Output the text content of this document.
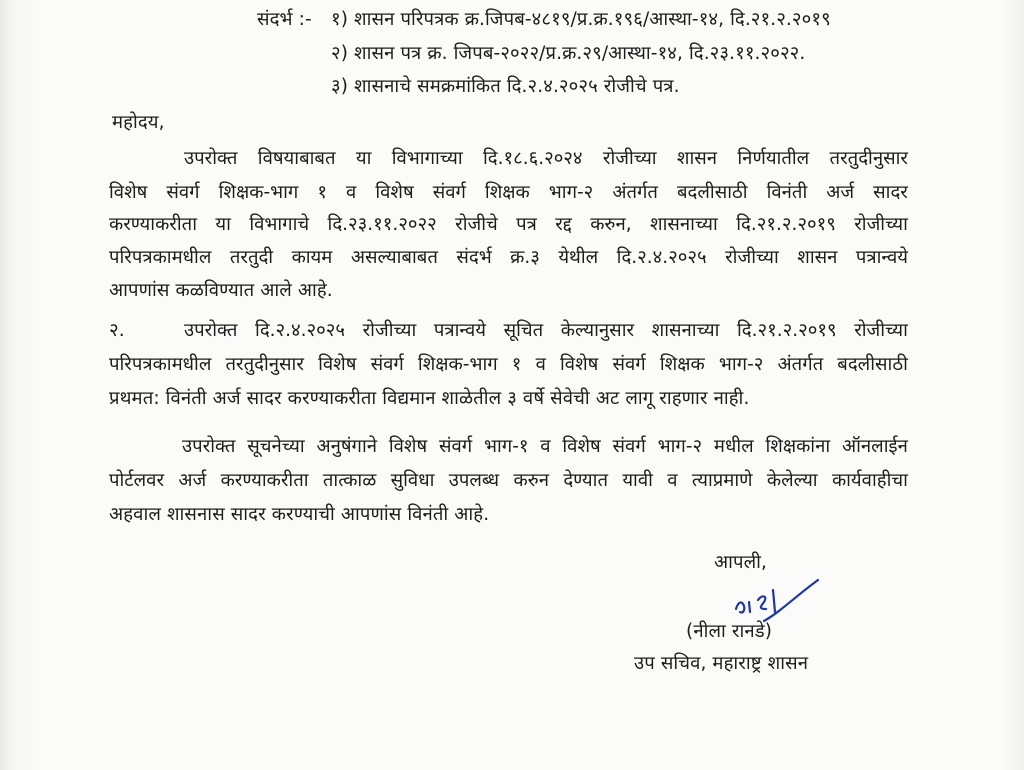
संदर्भ :- १) शासन परिपत्रक क्र.जिपब-४८१९/प्र.क्र.१९६/आस्था-१४, दि.२१.२.२०१९
२) शासन पत्र क्र. जिपब-२०२२/प्र.क्र.२९/आस्था-१४, दि.२३.११.२०२२.
३) शासनाचे समक्रमांकित दि.२.४.२०२५ रोजीचे पत्र.
महोदय,
उपरोक्त विषयाबाबत या विभागाच्या दि.१८.६.२०२४ रोजीच्या शासन निर्णयातील तरतुदीनुसार
विशेष संवर्ग शिक्षक-भाग १ व विशेष संवर्ग शिक्षक भाग-२ अंतर्गत बदलीसाठी विनंती अर्ज सादर
करण्याकरीता या विभागाचे दि.२३.११.२०२२ रोजीचे पत्र रद्द करुन, शासनाच्या दि.२१.२.२०१९ रोजीच्या
परिपत्रकामधील तरतुदी कायम असल्याबाबत संदर्भ क्र.३ येथील दि.२.४.२०२५ रोजीच्या शासन पत्रान्वये
आपणांस कळविण्यात आले आहे.
२.	उपरोक्त दि.२.४.२०२५ रोजीच्या पत्रान्वये सूचित केल्यानुसार शासनाच्या दि.२१.२.२०१९ रोजीच्या
परिपत्रकामधील तरतुदीनुसार विशेष संवर्ग शिक्षक-भाग १ व विशेष संवर्ग शिक्षक भाग-२ अंतर्गत बदलीसाठी
प्रथमत: विनंती अर्ज सादर करण्याकरीता विद्यमान शाळेतील ३ वर्षे सेवेची अट लागू राहणार नाही.
उपरोक्त सूचनेच्या अनुषंगाने विशेष संवर्ग भाग-१ व विशेष संवर्ग भाग-२ मधील शिक्षकांना ऑनलाईन
पोर्टलवर अर्ज करण्याकरीता तात्काळ सुविधा उपलब्ध करुन देण्यात यावी व त्याप्रमाणे केलेल्या कार्यवाहीचा
अहवाल शासनास सादर करण्याची आपणांस विनंती आहे.
आपली,
(नीला रानडे)
उप सचिव, महाराष्ट्र शासन
